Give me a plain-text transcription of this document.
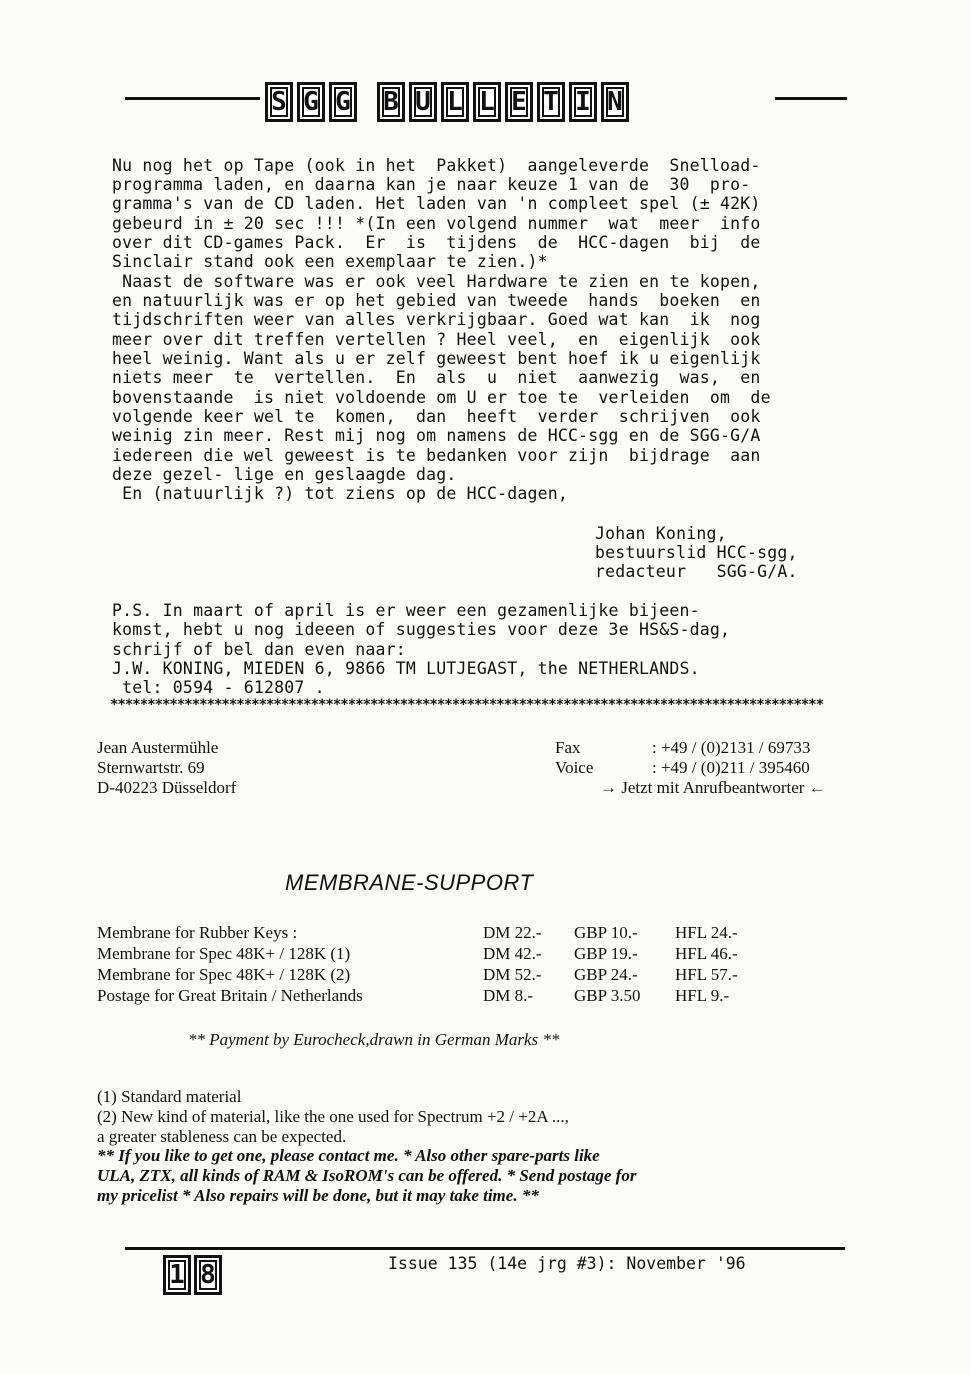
S G G B U L L E T I N
Nu nog het op Tape (ook in het  Pakket)  aangeleverde  Snelload-
programma laden, en daarna kan je naar keuze 1 van de  30  pro-
gramma's van de CD laden. Het laden van 'n compleet spel (± 42K)
gebeurd in ± 20 sec !!! *(In een volgend nummer  wat  meer  info
over dit CD-games Pack.  Er  is  tijdens  de  HCC-dagen  bij  de
Sinclair stand ook een exemplaar te zien.)*
Naast de software was er ook veel Hardware te zien en te kopen,
en natuurlijk was er op het gebied van tweede  hands  boeken  en
tijdschriften weer van alles verkrijgbaar. Goed wat kan  ik  nog
meer over dit treffen vertellen ? Heel veel,  en  eigenlijk  ook
heel weinig. Want als u er zelf geweest bent hoef ik u eigenlijk
niets meer  te  vertellen.  En  als  u  niet  aanwezig  was,  en
bovenstaande  is niet voldoende om U er toe te  verleiden  om  de
volgende keer wel te  komen,  dan  heeft  verder  schrijven  ook
weinig zin meer. Rest mij nog om namens de HCC-sgg en de SGG-G/A
iedereen die wel geweest is te bedanken voor zijn  bijdrage  aan
deze gezel- lige en geslaagde dag.
En (natuurlijk ?) tot ziens op de HCC-dagen,
Johan Koning,
bestuurslid HCC-sgg,
redacteur   SGG-G/A.
P.S. In maart of april is er weer een gezamenlijke bijeen-
komst, hebt u nog ideeen of suggesties voor deze 3e HS&S-dag,
schrijf of bel dan even naar:
J.W. KONING, MIEDEN 6, 9866 TM LUTJEGAST, the NETHERLANDS.
tel: 0594 - 612807 .
************************************************************************************************
Jean Austermühle
Sternwartstr. 69
D-40223 Düsseldorf
Fax	: +49 / (0)2131 / 69733
Voice	: +49 / (0)211 / 395460
→ Jetzt mit Anrufbeantworter ←
MEMBRANE-SUPPORT
Membrane for Rubber Keys :	DM 22.-	GBP 10.-	HFL 24.-
Membrane for Spec 48K+ / 128K (1)	DM 42.-	GBP 19.-	HFL 46.-
Membrane for Spec 48K+ / 128K (2)	DM 52.-	GBP 24.-	HFL 57.-
Postage for Great Britain / Netherlands	DM 8.-	GBP 3.50	HFL 9.-
** Payment by Eurocheck,drawn in German Marks **
(1) Standard material
(2) New kind of material, like the one used for Spectrum +2 / +2A ...,
a greater stableness can be expected.
** If you like to get one, please contact me. * Also other spare-parts like
ULA, ZTX, all kinds of RAM & IsoROM's can be offered. * Send postage for
my pricelist * Also repairs will be done, but it may take time. **
1 8	Issue 135 (14e jrg #3): November '96
